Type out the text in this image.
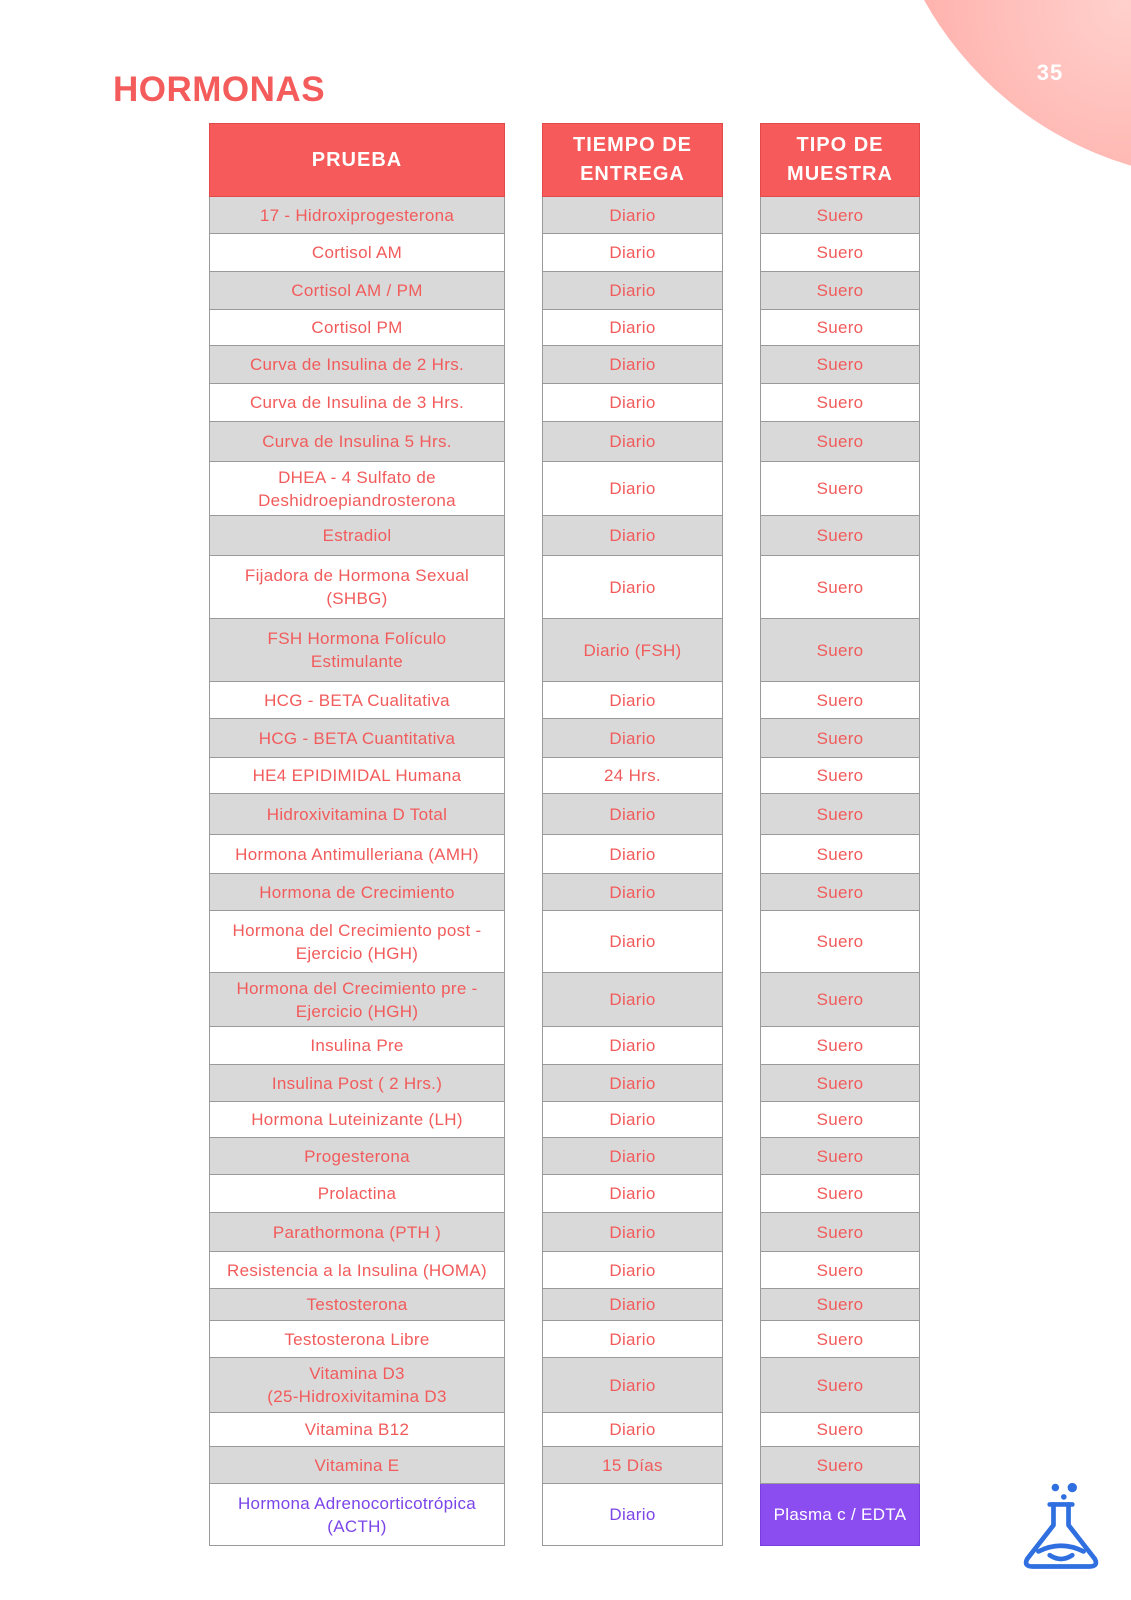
35
HORMONAS
PRUEBA
17 - Hidroxiprogesterona
Cortisol AM
Cortisol AM / PM
Cortisol PM
Curva de Insulina de 2 Hrs.
Curva de Insulina de 3 Hrs.
Curva de Insulina 5 Hrs.
DHEA - 4 Sulfato de
Deshidroepiandrosterona
Estradiol
Fijadora de Hormona Sexual
(SHBG)
FSH Hormona Folículo
Estimulante
HCG - BETA Cualitativa
HCG - BETA Cuantitativa
HE4 EPIDIMIDAL Humana
Hidroxivitamina D Total
Hormona Antimulleriana (AMH)
Hormona de Crecimiento
Hormona del Crecimiento post -
Ejercicio (HGH)
Hormona del Crecimiento pre -
Ejercicio (HGH)
Insulina Pre
Insulina Post ( 2 Hrs.)
Hormona Luteinizante (LH)
Progesterona
Prolactina
Parathormona (PTH )
Resistencia a la Insulina (HOMA)
Testosterona
Testosterona Libre
Vitamina D3
(25-Hidroxivitamina D3
Vitamina B12
Vitamina E
Hormona Adrenocorticotrópica
(ACTH)
TIEMPO DE
ENTREGA
Diario
Diario
Diario
Diario
Diario
Diario
Diario
Diario
Diario
Diario
Diario (FSH)
Diario
Diario
24 Hrs.
Diario
Diario
Diario
Diario
Diario
Diario
Diario
Diario
Diario
Diario
Diario
Diario
Diario
Diario
Diario
Diario
15 Días
Diario
TIPO DE
MUESTRA
Suero
Suero
Suero
Suero
Suero
Suero
Suero
Suero
Suero
Suero
Suero
Suero
Suero
Suero
Suero
Suero
Suero
Suero
Suero
Suero
Suero
Suero
Suero
Suero
Suero
Suero
Suero
Suero
Suero
Suero
Suero
Plasma c / EDTA
